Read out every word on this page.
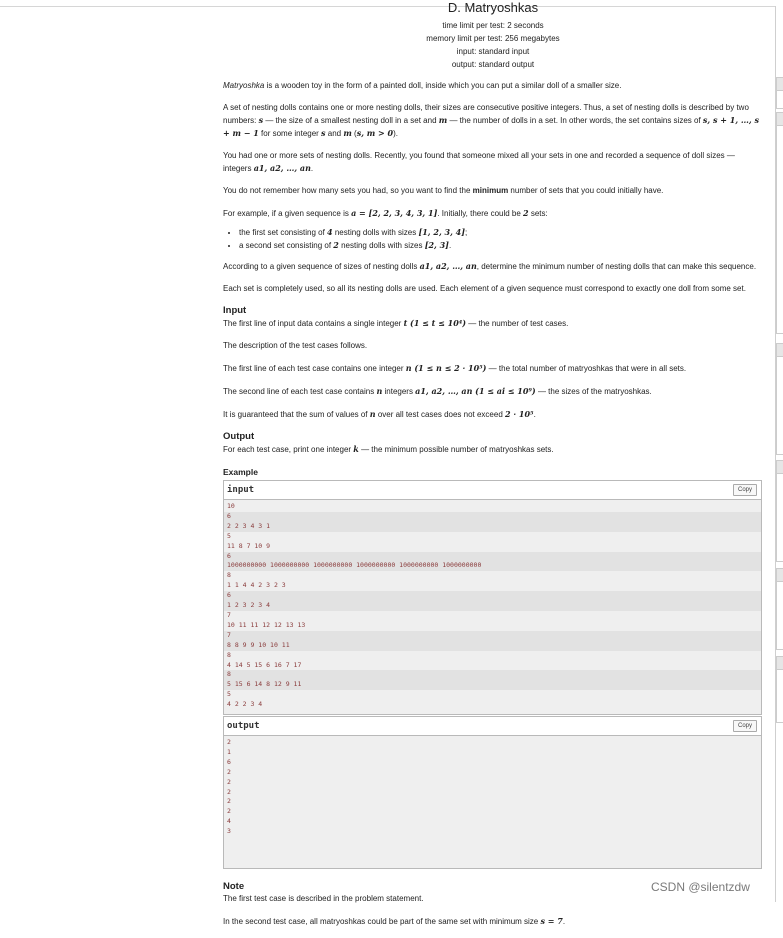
D. Matryoshkas
time limit per test: 2 seconds
memory limit per test: 256 megabytes
input: standard input
output: standard output

Matryoshka is a wooden toy in the form of a painted doll, inside which you can put a similar doll of a smaller size.

A set of nesting dolls contains one or more nesting dolls, their sizes are consecutive positive integers. Thus, a set of nesting dolls is described by two numbers: s — the size of a smallest nesting doll in a set and m — the number of dolls in a set. In other words, the set contains sizes of s, s + 1, …, s + m − 1 for some integer s and m (s, m > 0).

You had one or more sets of nesting dolls. Recently, you found that someone mixed all your sets in one and recorded a sequence of doll sizes — integers a1, a2, …, an.

You do not remember how many sets you had, so you want to find the minimum number of sets that you could initially have.

For example, if a given sequence is a = [2, 2, 3, 4, 3, 1]. Initially, there could be 2 sets:

• the first set consisting of 4 nesting dolls with sizes [1, 2, 3, 4];
• a second set consisting of 2 nesting dolls with sizes [2, 3].

According to a given sequence of sizes of nesting dolls a1, a2, …, an, determine the minimum number of nesting dolls that can make this sequence.

Each set is completely used, so all its nesting dolls are used. Each element of a given sequence must correspond to exactly one doll from some set.

Input

The first line of input data contains a single integer t (1 ≤ t ≤ 10⁴) — the number of test cases.

The description of the test cases follows.

The first line of each test case contains one integer n (1 ≤ n ≤ 2 · 10⁵) — the total number of matryoshkas that were in all sets.

The second line of each test case contains n integers a1, a2, …, an (1 ≤ ai ≤ 10⁹) — the sizes of the matryoshkas.

It is guaranteed that the sum of values of n over all test cases does not exceed 2 · 10⁵.

Output

For each test case, print one integer k — the minimum possible number of matryoshkas sets.

Example
input	Copy
10
6
2 2 3 4 3 1
5
11 8 7 10 9
6
1000000000 1000000000 1000000000 1000000000 1000000000 1000000000
8
1 1 4 4 2 3 2 3
6
1 2 3 2 3 4
7
10 11 11 12 12 13 13
7
8 8 9 9 10 10 11
8
4 14 5 15 6 16 7 17
8
5 15 6 14 8 12 9 11
5
4 2 2 3 4
output	Copy
2
1
6
2
2
2
2
2
4
3
Note

The first test case is described in the problem statement.

In the second test case, all matryoshkas could be part of the same set with minimum size s = 7.

CSDN @silentzdw
